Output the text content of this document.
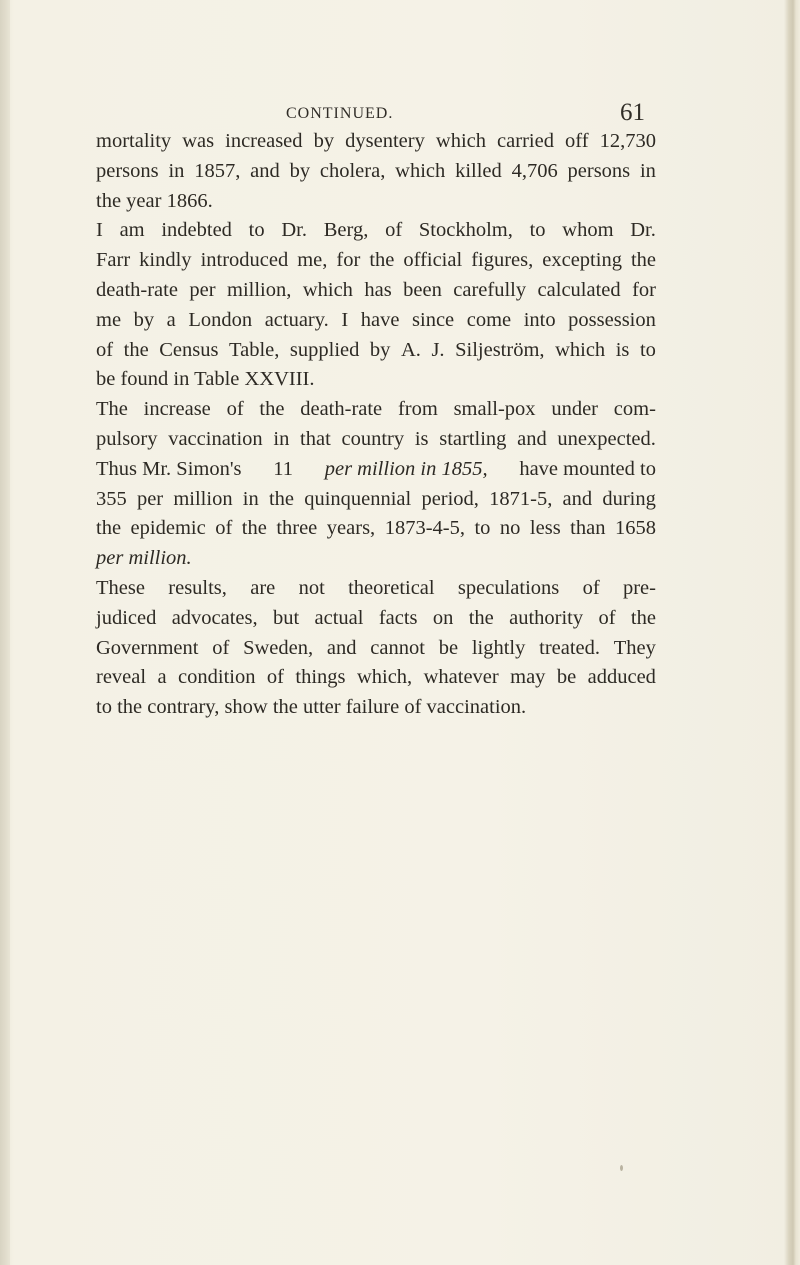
CONTINUED.	61
mortality was increased by dysentery which carried off 12,730
persons in 1857, and by cholera, which killed 4,706 persons in
the year 1866.
I am indebted to Dr. Berg, of Stockholm, to whom Dr.
Farr kindly introduced me, for the official figures, excepting the
death-rate per million, which has been carefully calculated for
me by a London actuary. I have since come into possession
of the Census Table, supplied by A. J. Siljeström, which is to
be found in Table XXVIII.
The increase of the death-rate from small-pox under com-
pulsory vaccination in that country is startling and unexpected.
Thus Mr. Simon's 11 per million in 1855, have mounted to
355 per million in the quinquennial period, 1871-5, and during
the epidemic of the three years, 1873-4-5, to no less than 1658
per million.
These results, are not theoretical speculations of pre-
judiced advocates, but actual facts on the authority of the
Government of Sweden, and cannot be lightly treated. They
reveal a condition of things which, whatever may be adduced
to the contrary, show the utter failure of vaccination.
